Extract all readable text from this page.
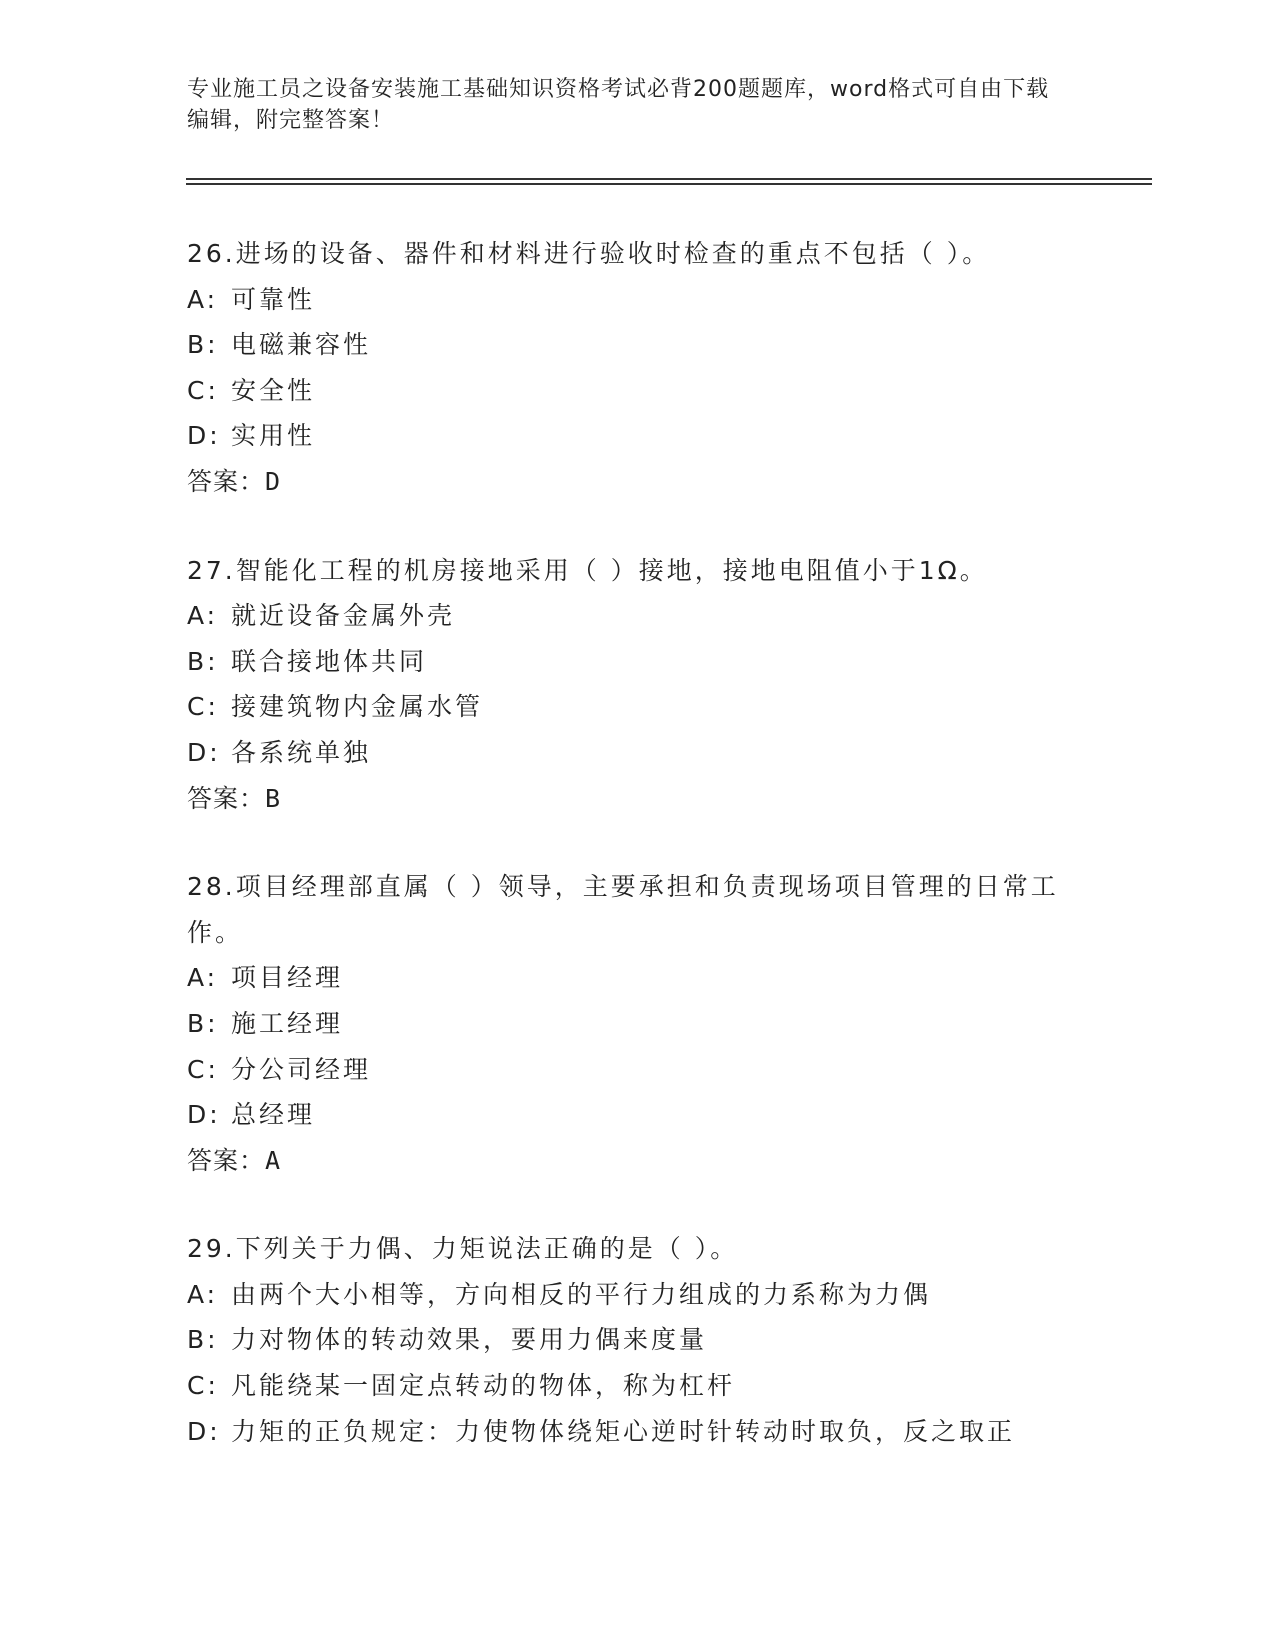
专业施工员之设备安装施工基础知识资格考试必背200题题库，word格式可自由下载编辑，附完整答案！
26.进场的设备、器件和材料进行验收时检查的重点不包括（ ）。
A: 可靠性
B: 电磁兼容性
C: 安全性
D: 实用性
答案：D
27.智能化工程的机房接地采用（ ）接地，接地电阻值小于1Ω。
A: 就近设备金属外壳
B: 联合接地体共同
C: 接建筑物内金属水管
D: 各系统单独
答案：B
28.项目经理部直属（ ）领导，主要承担和负责现场项目管理的日常工作。
A: 项目经理
B: 施工经理
C: 分公司经理
D: 总经理
答案：A
29.下列关于力偶、力矩说法正确的是（ ）。
A: 由两个大小相等，方向相反的平行力组成的力系称为力偶
B: 力对物体的转动效果，要用力偶来度量
C: 凡能绕某一固定点转动的物体，称为杠杆
D: 力矩的正负规定：力使物体绕矩心逆时针转动时取负，反之取正
